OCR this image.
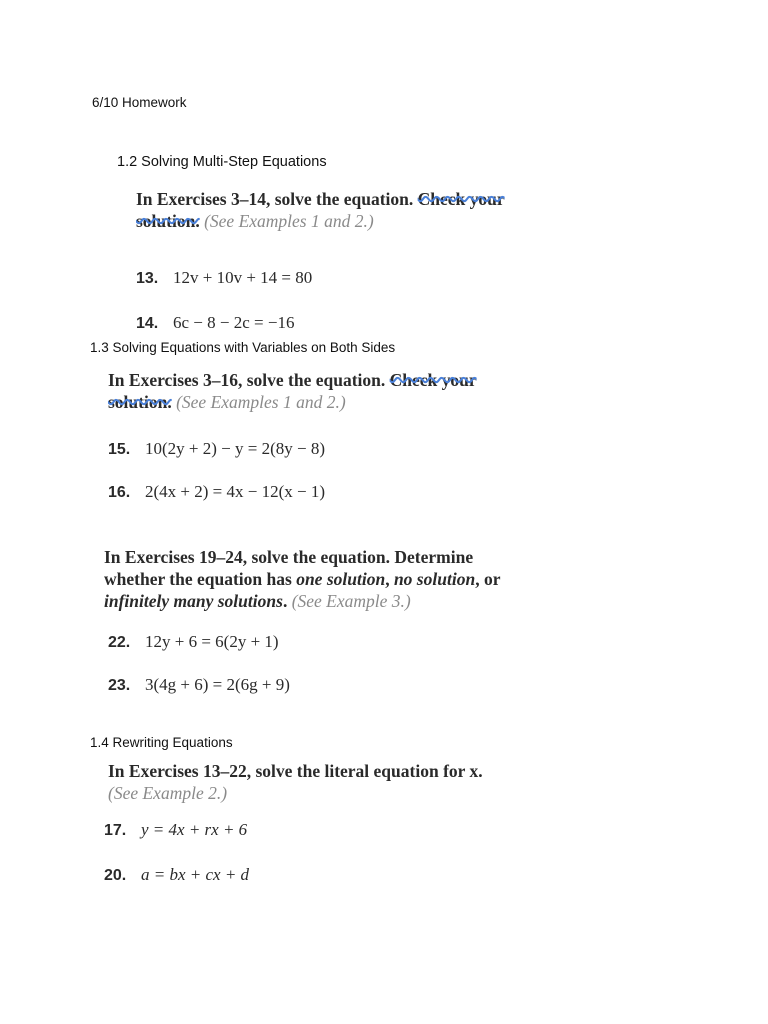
6/10 Homework
1.2 Solving Multi-Step Equations
In Exercises 3–14, solve the equation. Check your solution. (See Examples 1 and 2.)
13. 12v + 10v + 14 = 80
14. 6c − 8 − 2c = −16
1.3 Solving Equations with Variables on Both Sides
In Exercises 3–16, solve the equation. Check your solution. (See Examples 1 and 2.)
15. 10(2y + 2) − y = 2(8y − 8)
16. 2(4x + 2) = 4x − 12(x − 1)
In Exercises 19–24, solve the equation. Determine whether the equation has one solution, no solution, or infinitely many solutions. (See Example 3.)
22. 12y + 6 = 6(2y + 1)
23. 3(4g + 6) = 2(6g + 9)
1.4 Rewriting Equations
In Exercises 13–22, solve the literal equation for x.
(See Example 2.)
17. y = 4x + rx + 6
20. a = bx + cx + d
